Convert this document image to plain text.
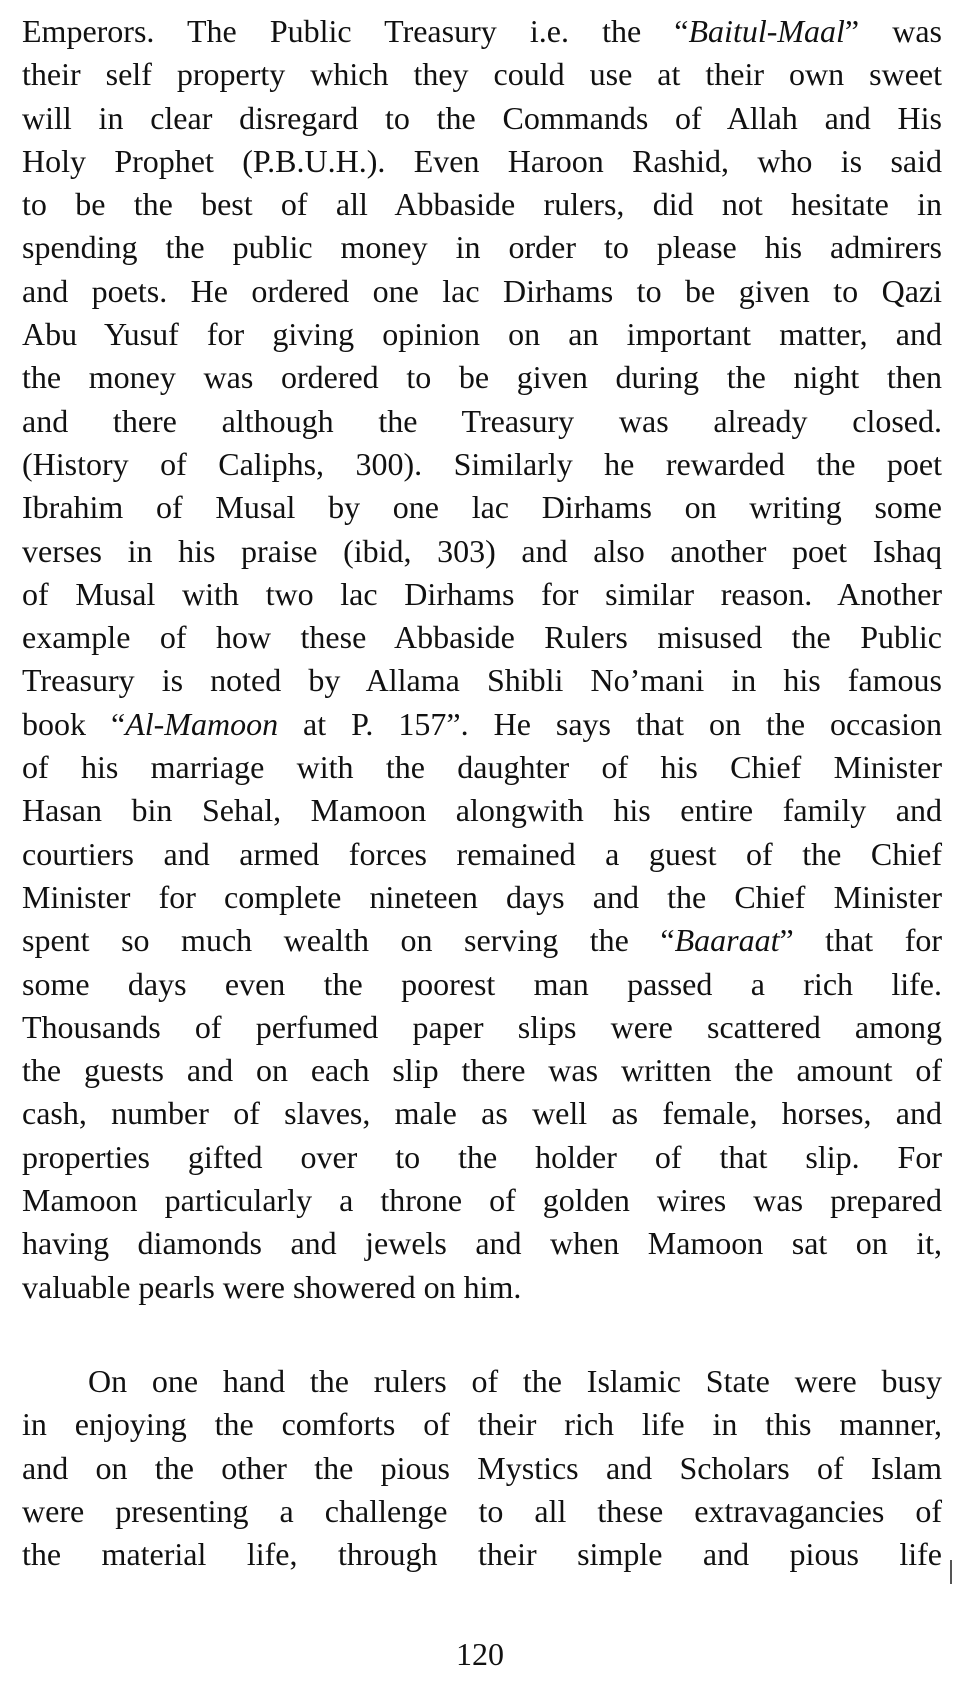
Emperors. The Public Treasury i.e. the “Baitul-Maal” was
their self property which they could use at their own sweet
will in clear disregard to the Commands of Allah and His
Holy Prophet (P.B.U.H.). Even Haroon Rashid, who is said
to be the best of all Abbaside rulers, did not hesitate in
spending the public money in order to please his admirers
and poets. He ordered one lac Dirhams to be given to Qazi
Abu Yusuf for giving opinion on an important matter, and
the money was ordered to be given during the night then
and there although the Treasury was already closed.
(History of Caliphs, 300). Similarly he rewarded the poet
Ibrahim of Musal by one lac Dirhams on writing some
verses in his praise (ibid, 303) and also another poet Ishaq
of Musal with two lac Dirhams for similar reason. Another
example of how these Abbaside Rulers misused the Public
Treasury is noted by Allama Shibli No’mani in his famous
book “Al-Mamoon at P. 157”. He says that on the occasion
of his marriage with the daughter of his Chief Minister
Hasan bin Sehal, Mamoon alongwith his entire family and
courtiers and armed forces remained a guest of the Chief
Minister for complete nineteen days and the Chief Minister
spent so much wealth on serving the “Baaraat” that for
some days even the poorest man passed a rich life.
Thousands of perfumed paper slips were scattered among
the guests and on each slip there was written the amount of
cash, number of slaves, male as well as female, horses, and
properties gifted over to the holder of that slip. For
Mamoon particularly a throne of golden wires was prepared
having diamonds and jewels and when Mamoon sat on it,
valuable pearls were showered on him.
On one hand the rulers of the Islamic State were busy
in enjoying the comforts of their rich life in this manner,
and on the other the pious Mystics and Scholars of Islam
were presenting a challenge to all these extravagancies of
the material life, through their simple and pious life
120
